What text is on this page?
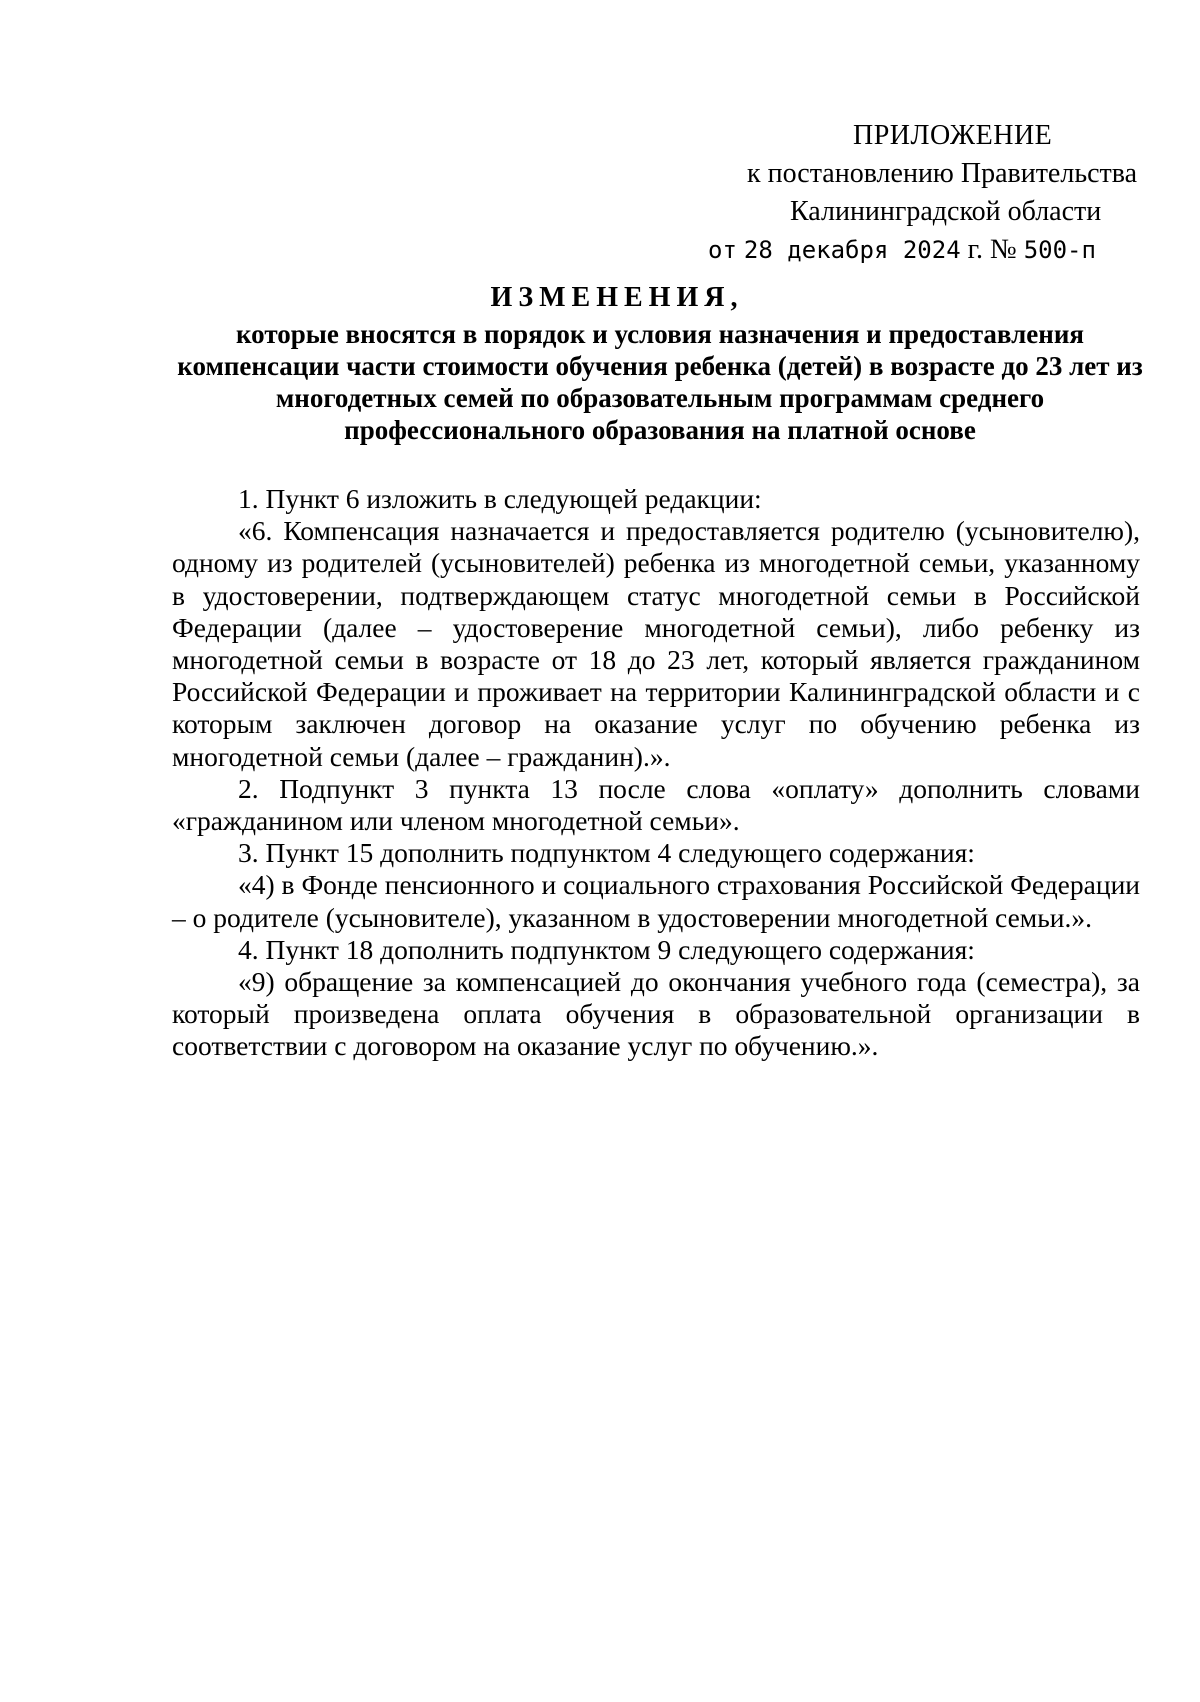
ПРИЛОЖЕНИЕ
к постановлению Правительства
Калининградской области
от 28 декабря 2024 г. № 500-п
ИЗМЕНЕНИЯ,
которые вносятся в порядок и условия назначения и предоставления компенсации части стоимости обучения ребенка (детей) в возрасте до 23 лет из многодетных семей по образовательным программам среднего профессионального образования на платной основе

1. Пункт 6 изложить в следующей редакции:

«6. Компенсация назначается и предоставляется родителю (усыновителю), одному из родителей (усыновителей) ребенка из многодетной семьи, указанному в удостоверении, подтверждающем статус многодетной семьи в Российской Федерации (далее – удостоверение многодетной семьи), либо ребенку из многодетной семьи в возрасте от 18 до 23 лет, который является гражданином Российской Федерации и проживает на территории Калининградской области и с которым заключен договор на оказание услуг по обучению ребенка из многодетной семьи (далее – гражданин).».

2. Подпункт 3 пункта 13 после слова «оплату» дополнить словами «гражданином или членом многодетной семьи».

3. Пункт 15 дополнить подпунктом 4 следующего содержания:

«4) в Фонде пенсионного и социального страхования Российской Федерации – о родителе (усыновителе), указанном в удостоверении многодетной семьи.».

4. Пункт 18 дополнить подпунктом 9 следующего содержания:

«9) обращение за компенсацией до окончания учебного года (семестра), за который произведена оплата обучения в образовательной организации в соответствии с договором на оказание услуг по обучению.».
